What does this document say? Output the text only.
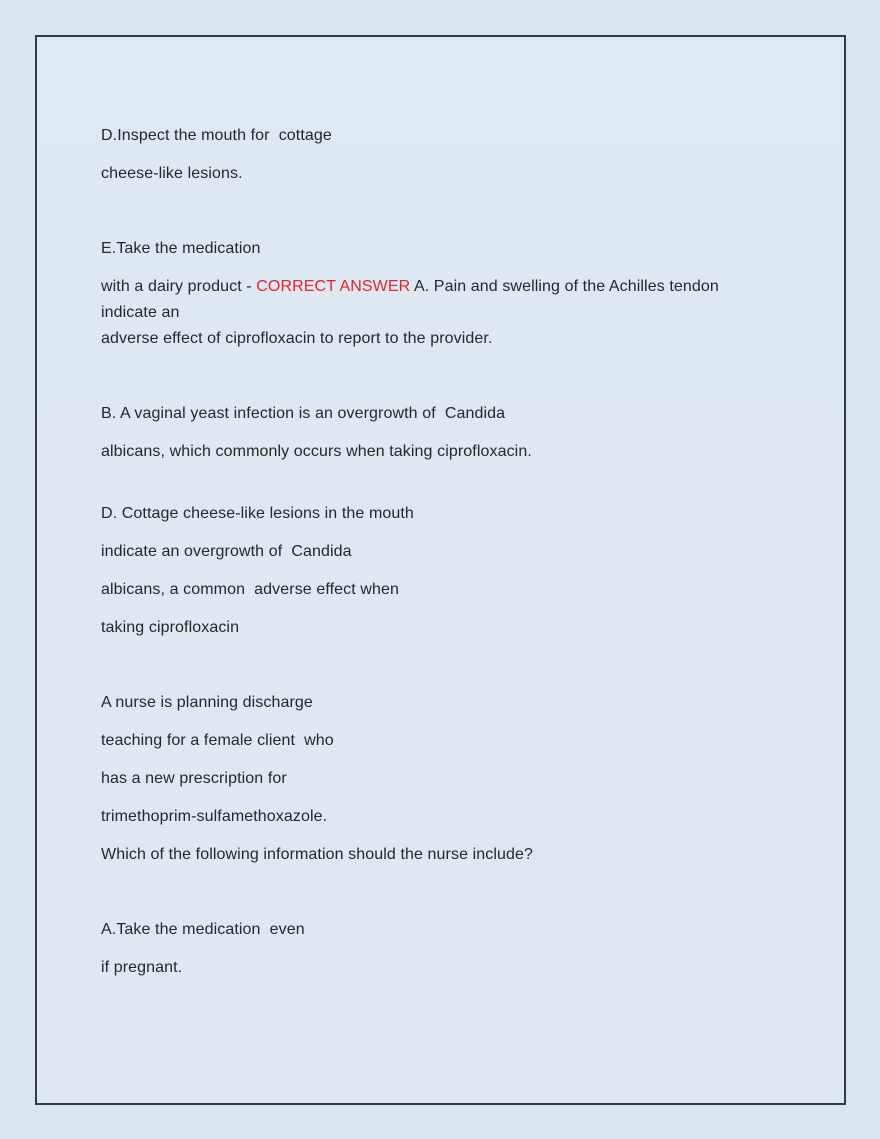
D.Inspect the mouth for  cottage
cheese-like lesions.
E.Take the medication
with a dairy product - CORRECT ANSWER A. Pain and swelling of the Achilles tendon
indicate an
adverse effect of ciprofloxacin to report to the provider.
B. A vaginal yeast infection is an overgrowth of  Candida
albicans, which commonly occurs when taking ciprofloxacin.
D. Cottage cheese-like lesions in the mouth
indicate an overgrowth of  Candida
albicans, a common  adverse effect when
taking ciprofloxacin
A nurse is planning discharge
teaching for a female client  who
has a new prescription for
trimethoprim-sulfamethoxazole.
Which of the following information should the nurse include?
A.Take the medication  even
if pregnant.
